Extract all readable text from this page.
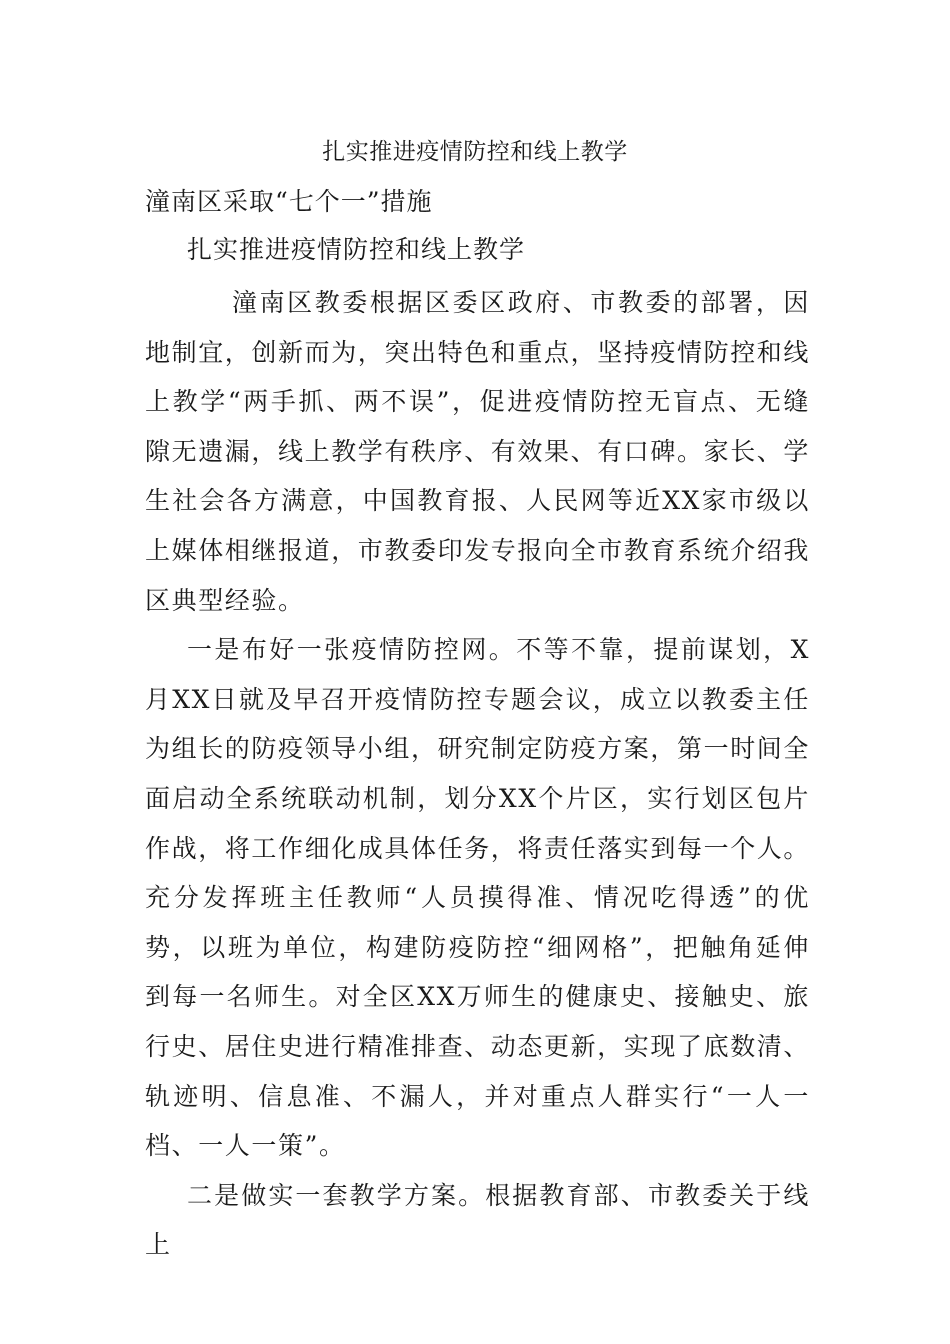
扎实推进疫情防控和线上教学
潼南区采取“七个一”措施
扎实推进疫情防控和线上教学

潼南区教委根据区委区政府、市教委的部署，因地制宜，创新而为，突出特色和重点，坚持疫情防控和线上教学“两手抓、两不误”，促进疫情防控无盲点、无缝隙无遗漏，线上教学有秩序、有效果、有口碑。家长、学生社会各方满意，中国教育报、人民网等近XX家市级以上媒体相继报道，市教委印发专报向全市教育系统介绍我区典型经验。

一是布好一张疫情防控网。不等不靠，提前谋划，X月XX日就及早召开疫情防控专题会议，成立以教委主任为组长的防疫领导小组，研究制定防疫方案，第一时间全面启动全系统联动机制，划分XX个片区，实行划区包片作战，将工作细化成具体任务，将责任落实到每一个人。充分发挥班主任教师“人员摸得准、情况吃得透”的优势，以班为单位，构建防疫防控“细网格”，把触角延伸到每一名师生。对全区XX万师生的健康史、接触史、旅行史、居住史进行精准排查、动态更新，实现了底数清、轨迹明、信息准、不漏人，并对重点人群实行“一人一档、一人一策”。

二是做实一套教学方案。根据教育部、市教委关于线上
